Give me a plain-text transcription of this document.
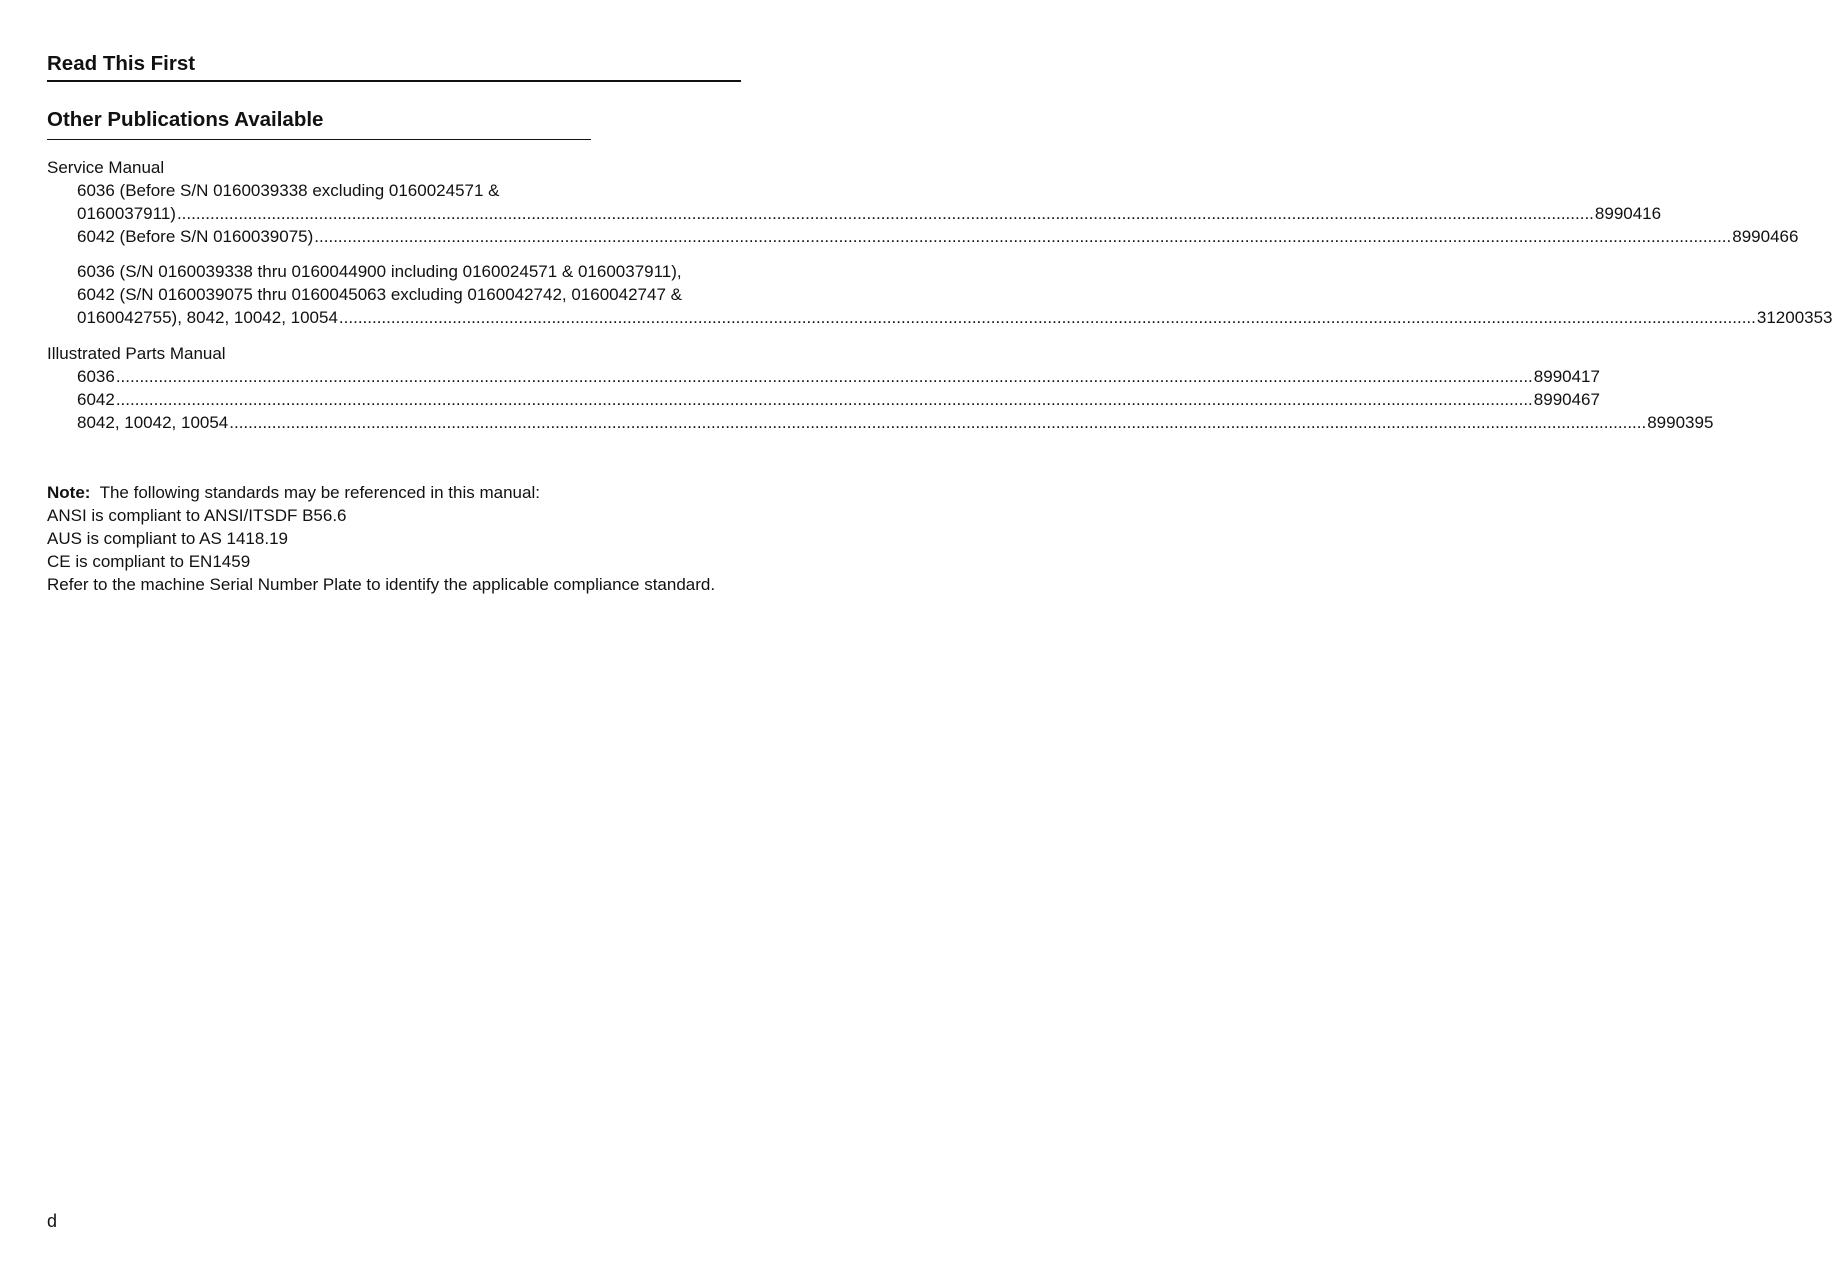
Read This First
Other Publications Available
Service Manual
6036 (Before S/N 0160039338 excluding 0160024571 &
0160037911) ............................................................................................................................................................................................................................................................................................................ 8990416
6042 (Before S/N 0160039075) ............................................................................................................................................................................................................................................................................................................ 8990466
6036 (S/N 0160039338 thru 0160044900 including 0160024571 & 0160037911),
6042 (S/N 0160039075 thru 0160045063 excluding 0160042742, 0160042747 &
0160042755), 8042, 10042, 10054 ............................................................................................................................................................................................................................................................................................................ 31200353
Illustrated Parts Manual
6036 ............................................................................................................................................................................................................................................................................................................ 8990417
6042 ............................................................................................................................................................................................................................................................................................................ 8990467
8042, 10042, 10054 ............................................................................................................................................................................................................................................................................................................ 8990395
Note: The following standards may be referenced in this manual:
ANSI is compliant to ANSI/ITSDF B56.6
AUS is compliant to AS 1418.19
CE is compliant to EN1459
Refer to the machine Serial Number Plate to identify the applicable compliance standard.
d
